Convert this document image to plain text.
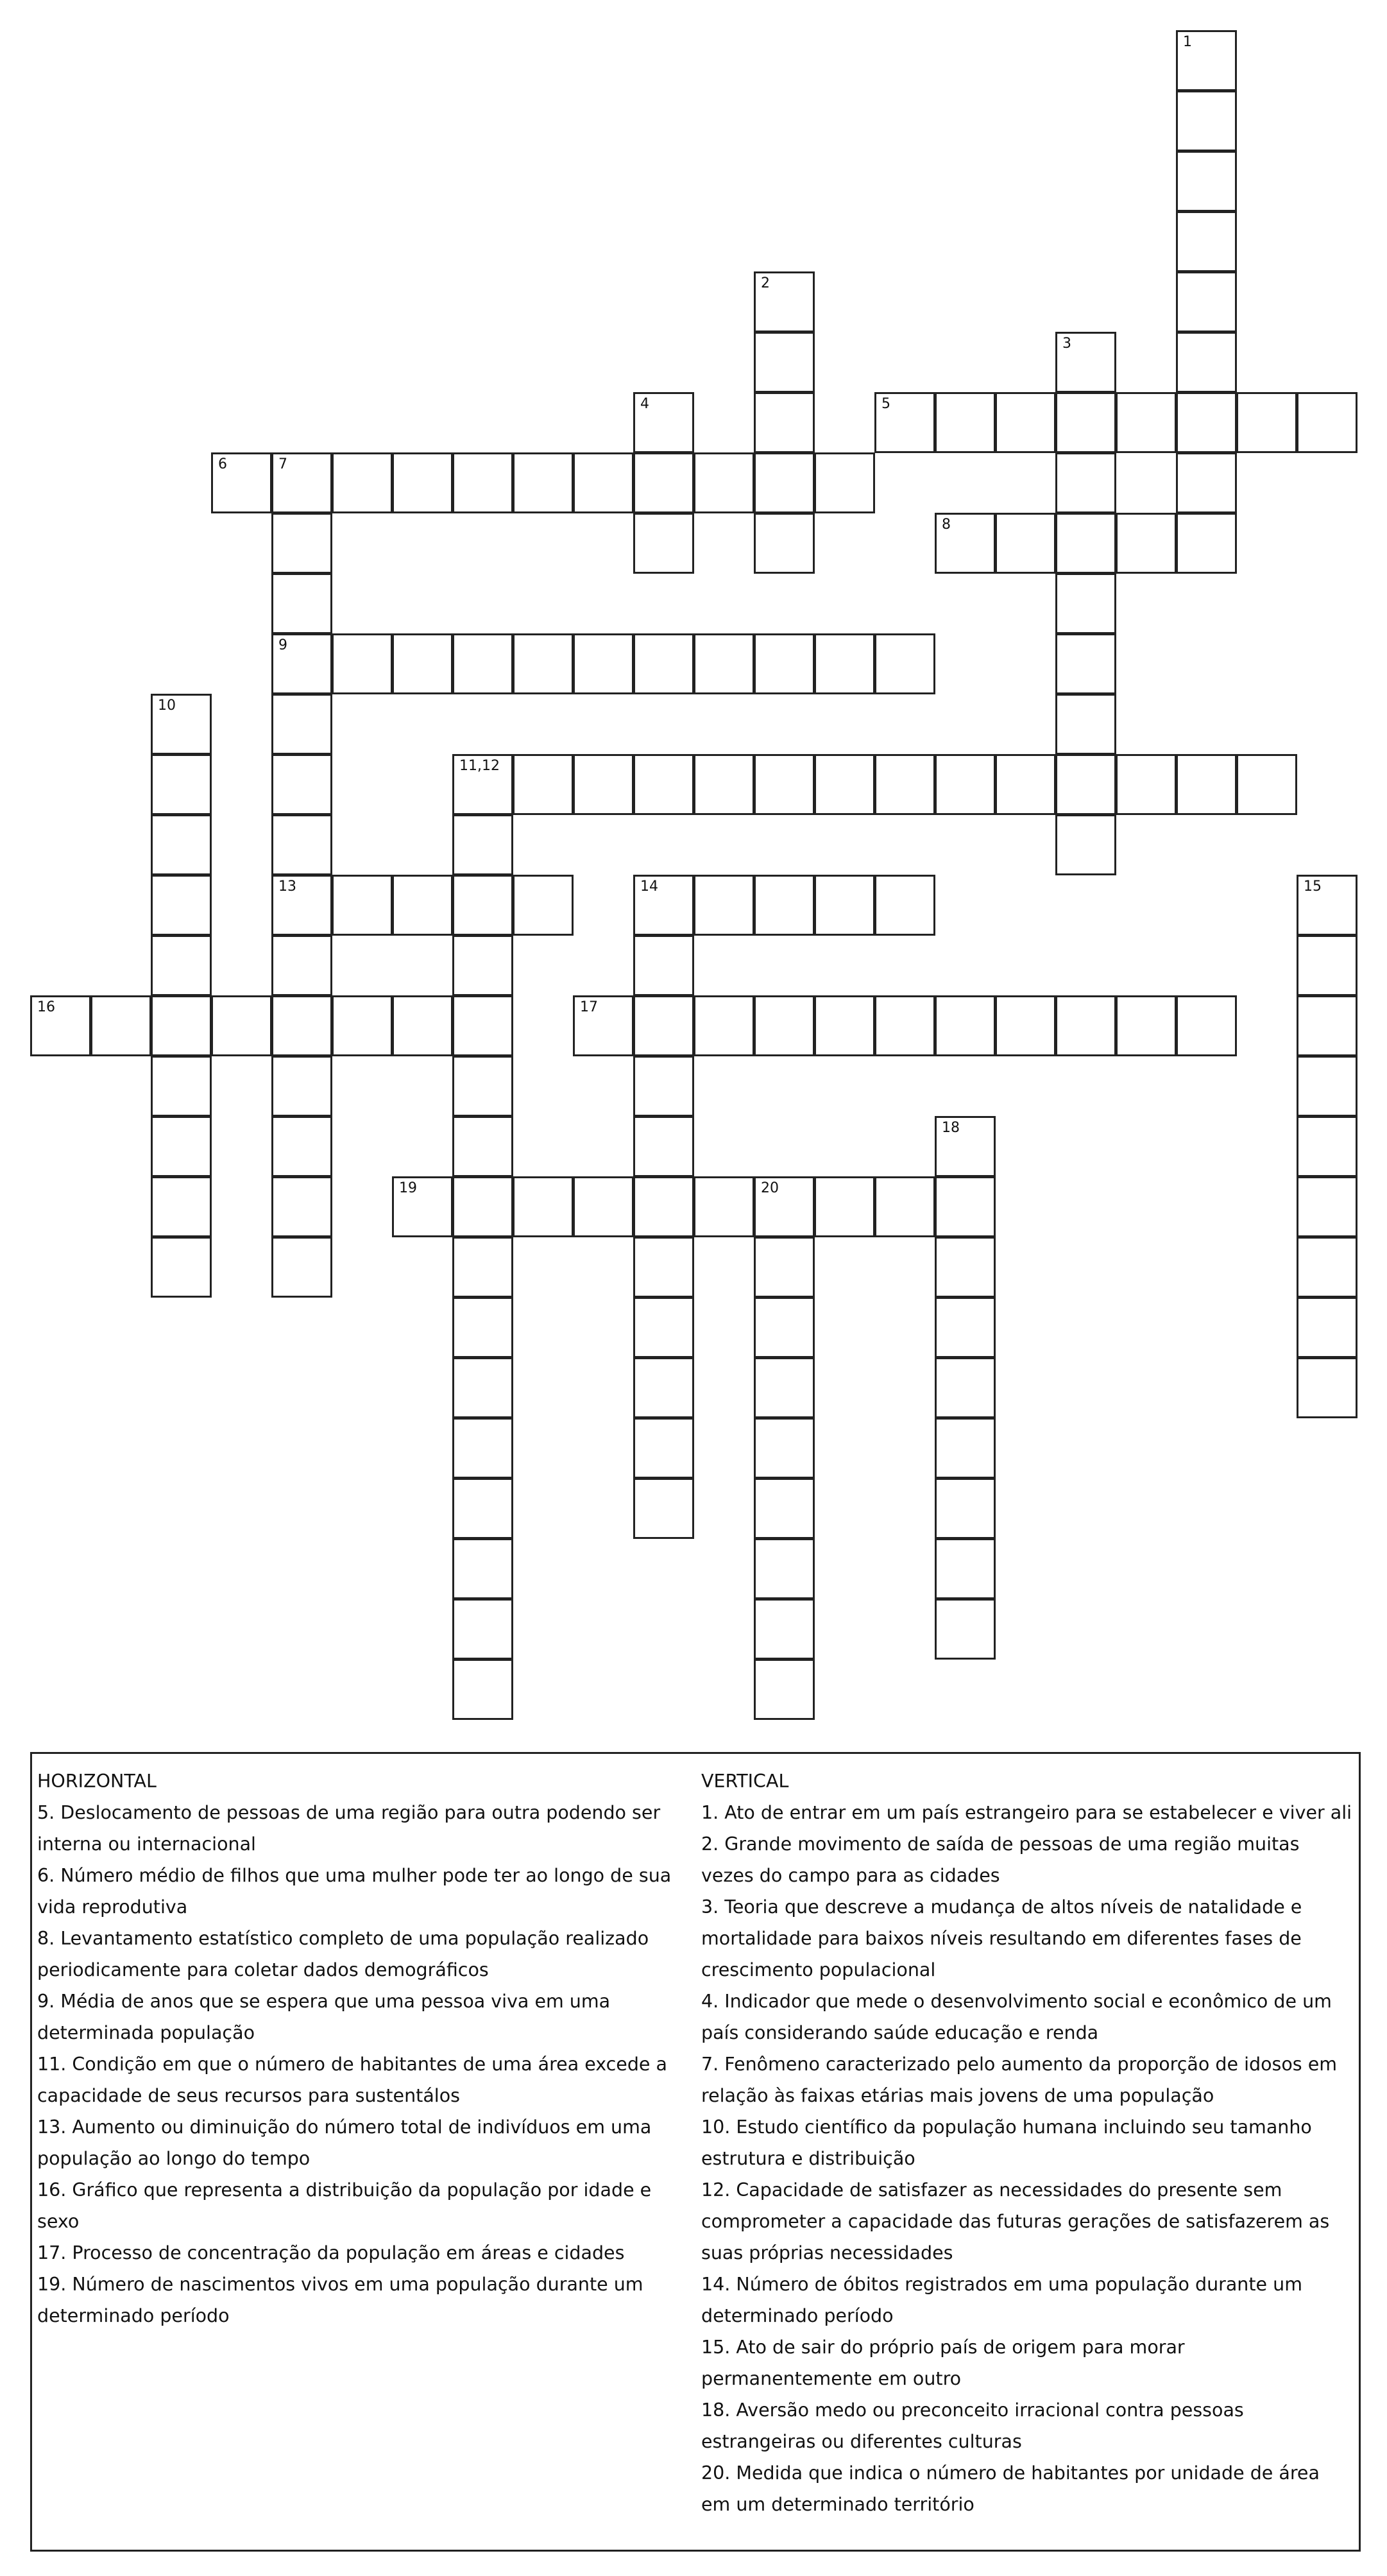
1
2
3
4	5
6	7
8
9
13
10
11,12
14	15
16	17
18
19	20
HORIZONTAL
5. Deslocamento de pessoas de uma região para outra podendo ser interna ou internacional
6. Número médio de filhos que uma mulher pode ter ao longo de sua vida reprodutiva
8. Levantamento estatístico completo de uma população realizado periodicamente para coletar dados demográficos
9. Média de anos que se espera que uma pessoa viva em uma determinada população
11. Condição em que o número de habitantes de uma área excede a capacidade de seus recursos para sustentálos
13. Aumento ou diminuição do número total de indivíduos em uma população ao longo do tempo
16. Gráfico que representa a distribuição da população por idade e sexo
17. Processo de concentração da população em áreas e cidades
19. Número de nascimentos vivos em uma população durante um determinado período
VERTICAL
1. Ato de entrar em um país estrangeiro para se estabelecer e viver ali
2. Grande movimento de saída de pessoas de uma região muitas vezes do campo para as cidades
3. Teoria que descreve a mudança de altos níveis de natalidade e mortalidade para baixos níveis resultando em diferentes fases de crescimento populacional
4. Indicador que mede o desenvolvimento social e econômico de um país considerando saúde educação e renda
7. Fenômeno caracterizado pelo aumento da proporção de idosos em relação às faixas etárias mais jovens de uma população
10. Estudo científico da população humana incluindo seu tamanho estrutura e distribuição
12. Capacidade de satisfazer as necessidades do presente sem comprometer a capacidade das futuras gerações de satisfazerem as suas próprias necessidades
14. Número de óbitos registrados em uma população durante um determinado período
15. Ato de sair do próprio país de origem para morar permanentemente em outro
18. Aversão medo ou preconceito irracional contra pessoas estrangeiras ou diferentes culturas
20. Medida que indica o número de habitantes por unidade de área em um determinado território
